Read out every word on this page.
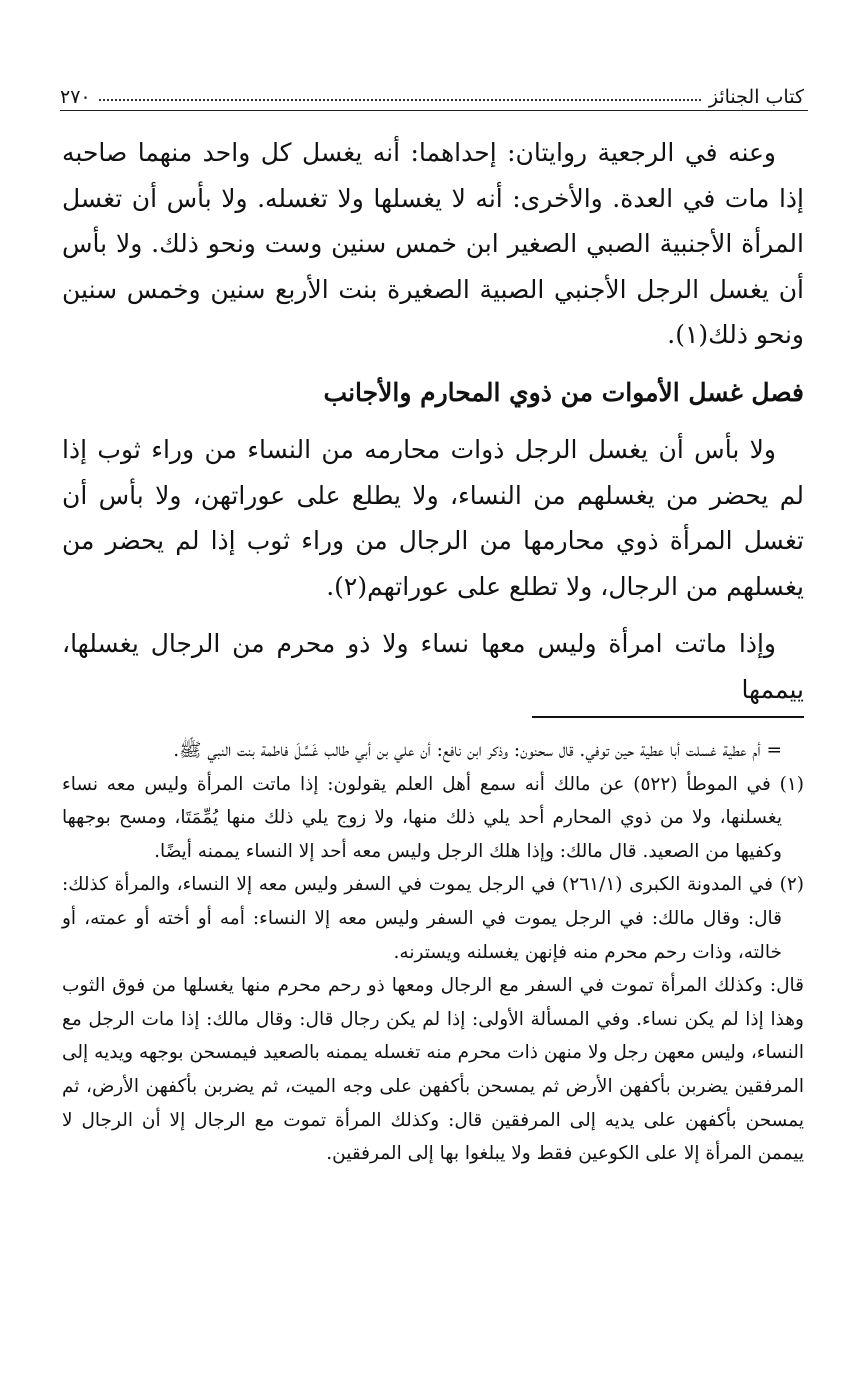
كتاب الجنائز
٢٧٠

وعنه في الرجعية روايتان: إحداهما: أنه يغسل كل واحد منهما صاحبه إذا مات في العدة. والأخرى: أنه لا يغسلها ولا تغسله. ولا بأس أن تغسل المرأة الأجنبية الصبي الصغير ابن خمس سنين وست ونحو ذلك. ولا بأس أن يغسل الرجل الأجنبي الصبية الصغيرة بنت الأربع سنين وخمس سنين ونحو ذلك(١).

فصل غسل الأموات من ذوي المحارم والأجانب

ولا بأس أن يغسل الرجل ذوات محارمه من النساء من وراء ثوب إذا لم يحضر من يغسلهم من النساء، ولا يطلع على عوراتهن، ولا بأس أن تغسل المرأة ذوي محارمها من الرجال من وراء ثوب إذا لم يحضر من يغسلهم من الرجال، ولا تطلع على عوراتهم(٢).

وإذا ماتت امرأة وليس معها نساء ولا ذو محرم من الرجال يغسلها، ييممها

= أم عطية غسلت أبا عطية حين توفي. قال سحنون: وذكر ابن نافع: أن علي بن أبي طالب غَسَّلَ فاطمة بنت النبي ﷺ.

(١) في الموطأ (٥٢٢) عن مالك أنه سمع أهل العلم يقولون: إذا ماتت المرأة وليس معه نساء يغسلنها، ولا من ذوي المحارم أحد يلي ذلك منها، ولا زوج يلي ذلك منها يُمِّمَتَا، ومسح بوجهها وكفيها من الصعيد. قال مالك: وإذا هلك الرجل وليس معه أحد إلا النساء يممنه أيضًا.

(٢) في المدونة الكبرى (٢٦١/١) في الرجل يموت في السفر وليس معه إلا النساء، والمرأة كذلك: قال: وقال مالك: في الرجل يموت في السفر وليس معه إلا النساء: أمه أو أخته أو عمته، أو خالته، وذات رحم محرم منه فإنهن يغسلنه ويسترنه.

قال: وكذلك المرأة تموت في السفر مع الرجال ومعها ذو رحم محرم منها يغسلها من فوق الثوب وهذا إذا لم يكن نساء. وفي المسألة الأولى: إذا لم يكن رجال قال: وقال مالك: إذا مات الرجل مع النساء، وليس معهن رجل ولا منهن ذات محرم منه تغسله يممنه بالصعيد فيمسحن بوجهه ويديه إلى المرفقين يضربن بأكفهن الأرض ثم يمسحن بأكفهن على وجه الميت، ثم يضربن بأكفهن الأرض، ثم يمسحن بأكفهن على يديه إلى المرفقين قال: وكذلك المرأة تموت مع الرجال إلا أن الرجال لا ييممن المرأة إلا على الكوعين فقط ولا يبلغوا بها إلى المرفقين.
